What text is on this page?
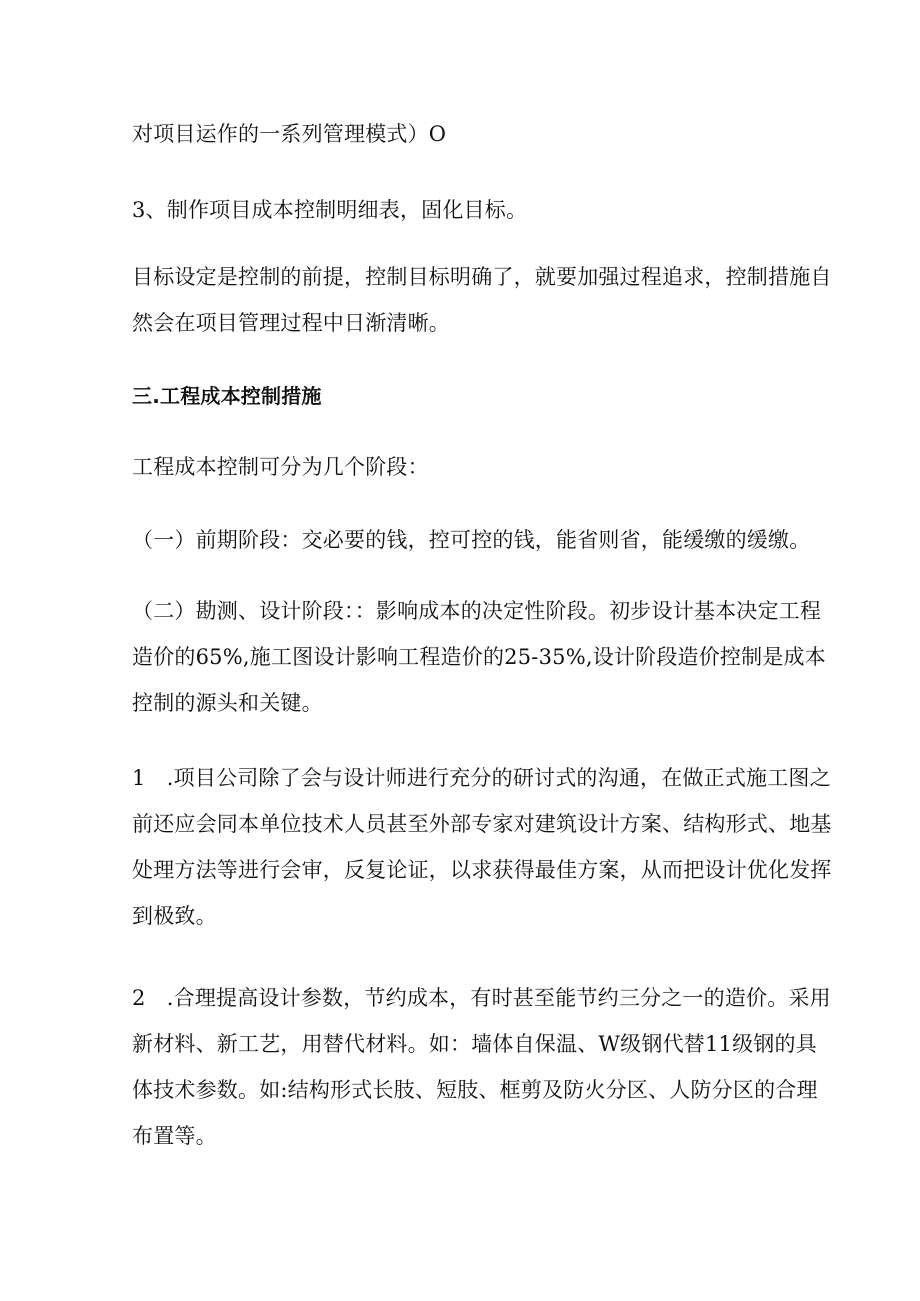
对项目运作的一系列管理模式）O
3、制作项目成本控制明细表，固化目标。
目标设定是控制的前提，控制目标明确了，就要加强过程追求，控制措施自
然会在项目管理过程中日渐清晰。
三.工程成本控制措施
工程成本控制可分为几个阶段：
（一）前期阶段：交必要的钱，控可控的钱，能省则省，能缓缴的缓缴。
（二）勘测、设计阶段：：影响成本的决定性阶段。初步设计基本决定工程
造价的65%,施工图设计影响工程造价的25-35%,设计阶段造价控制是成本
控制的源头和关键。
1　.项目公司除了会与设计师进行充分的研讨式的沟通，在做正式施工图之
前还应会同本单位技术人员甚至外部专家对建筑设计方案、结构形式、地基
处理方法等进行会审，反复论证，以求获得最佳方案，从而把设计优化发挥
到极致。
2　.合理提高设计参数，节约成本，有时甚至能节约三分之一的造价。采用
新材料、新工艺，用替代材料。如：墙体自保温、W级钢代替11级钢的具
体技术参数。如:结构形式长肢、短肢、框剪及防火分区、人防分区的合理
布置等。
